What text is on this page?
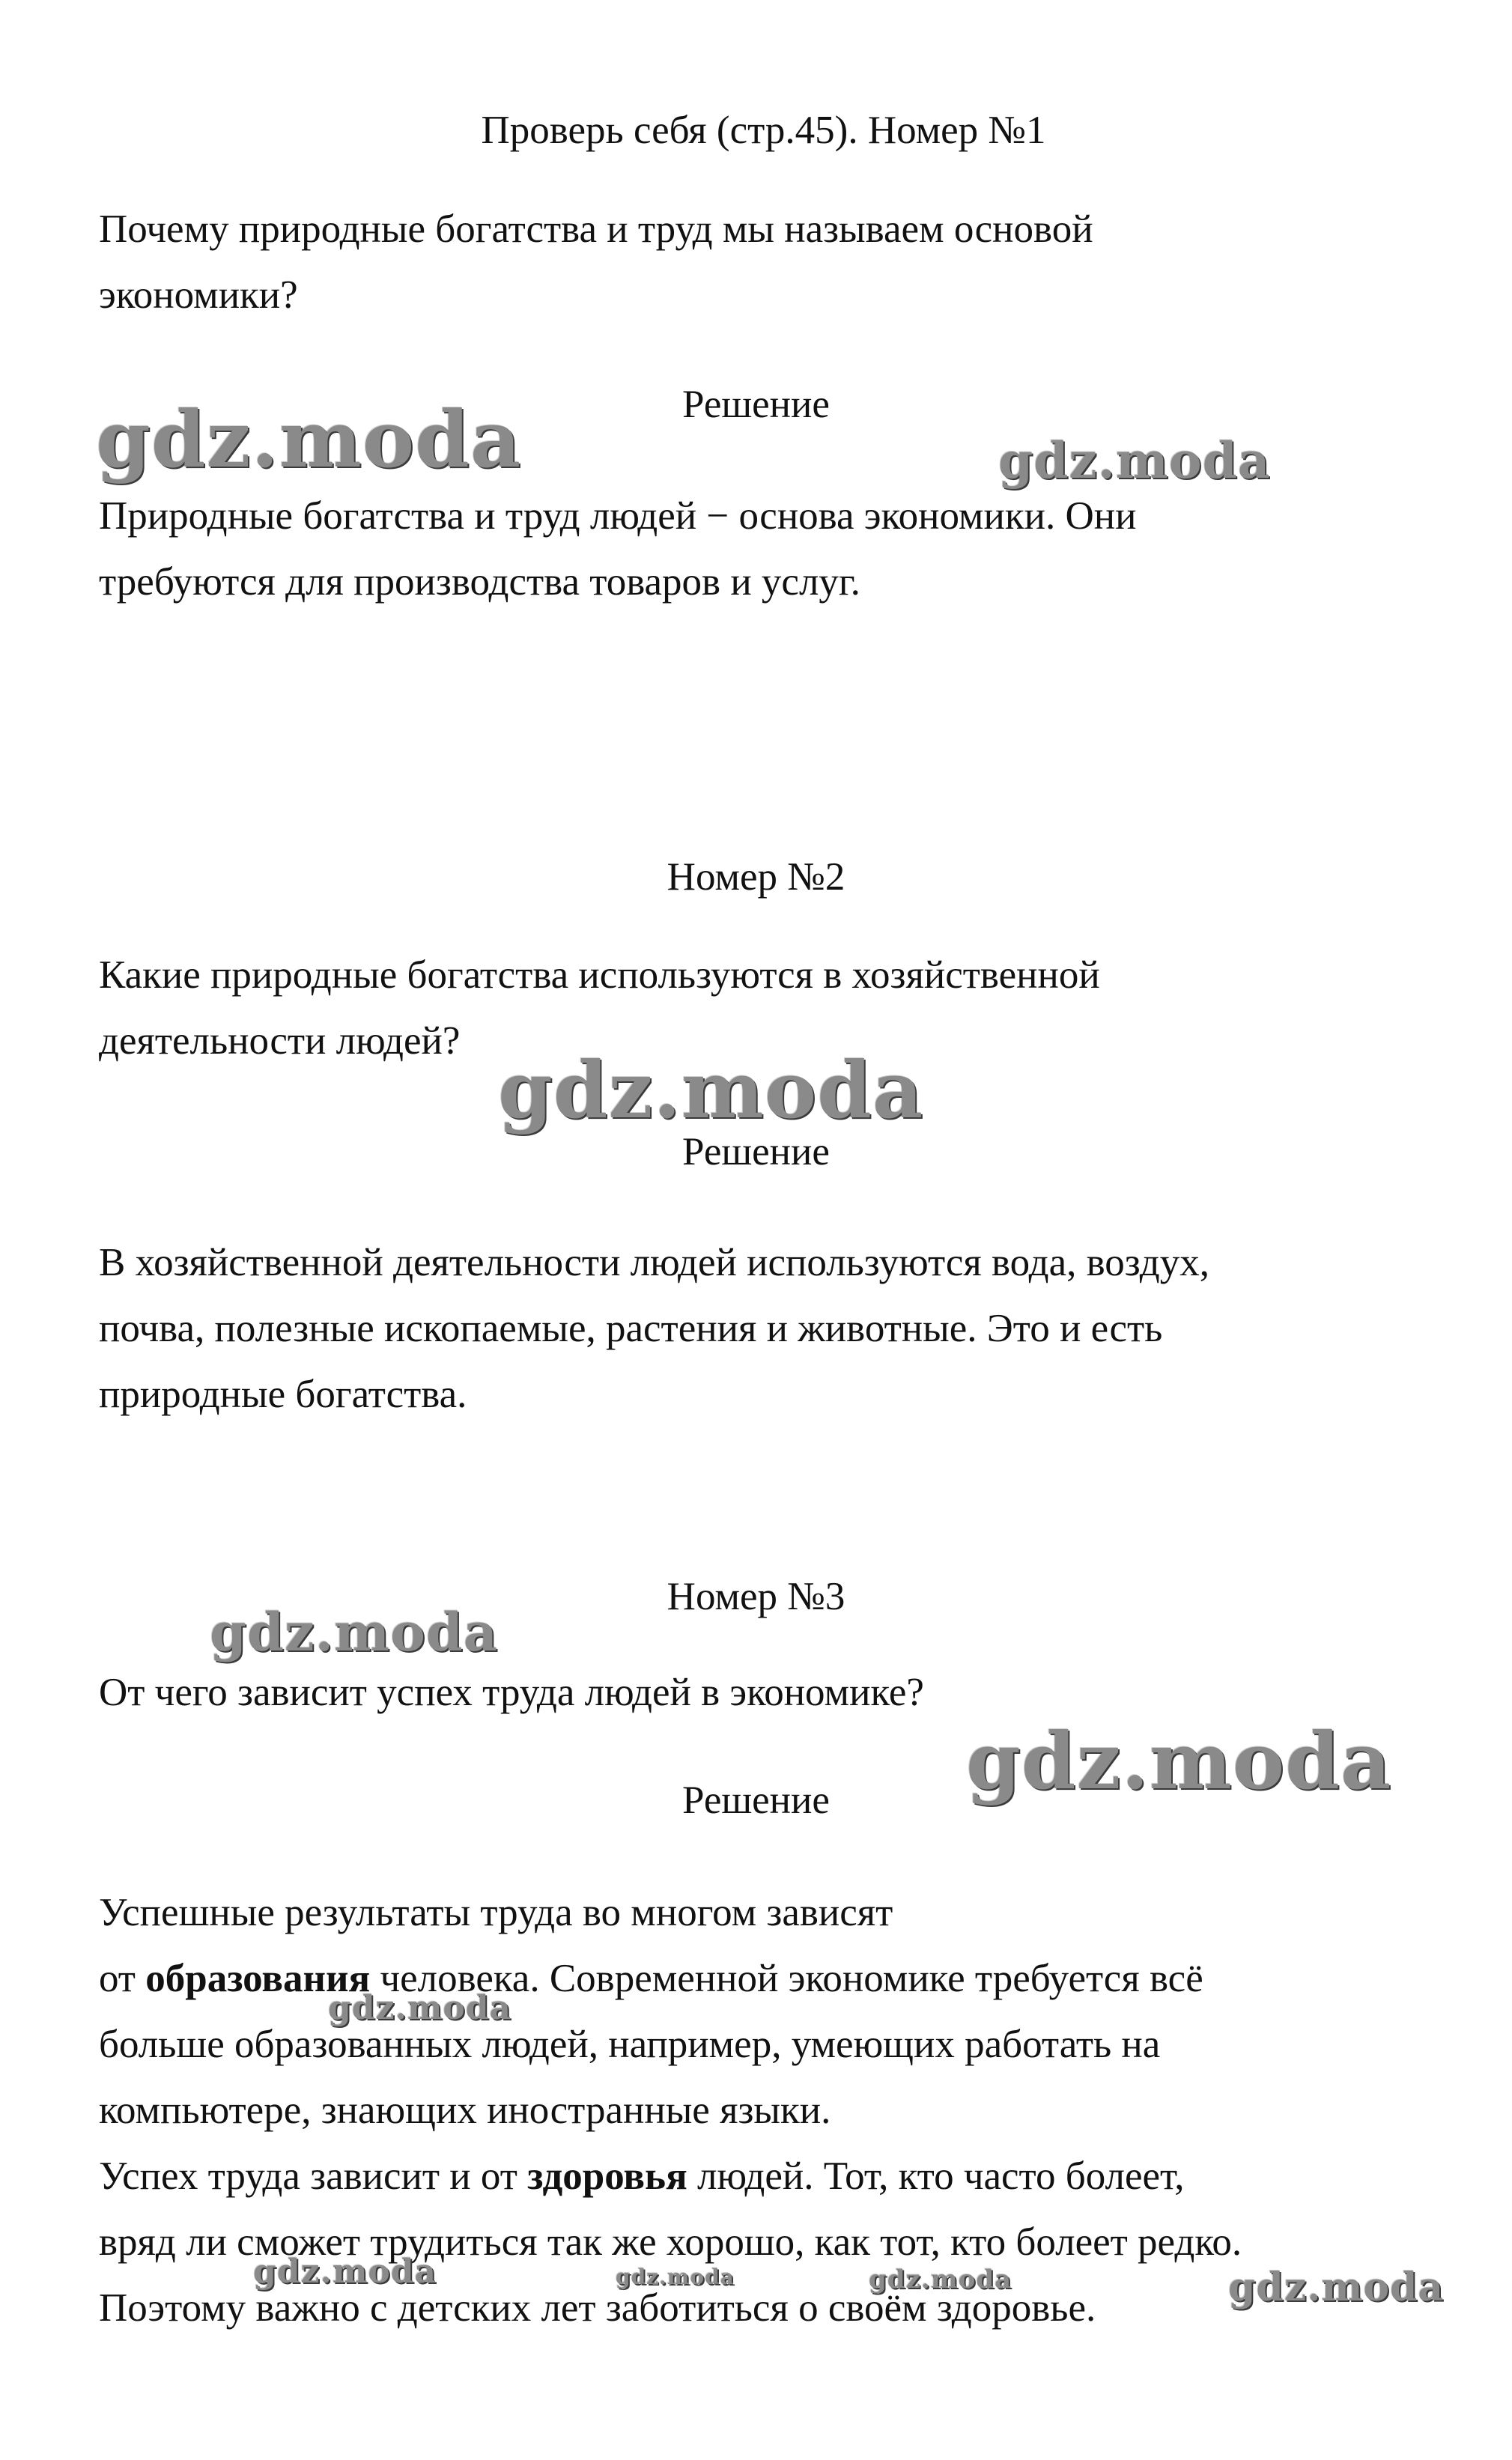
Проверь себя (стр.45). Номер №1
Почему природные богатства и труд мы называем основой
экономики?
Решение
Природные богатства и труд людей − основа экономики. Они
требуются для производства товаров и услуг.
Номер №2
Какие природные богатства используются в хозяйственной
деятельности людей?
Решение
В хозяйственной деятельности людей используются вода, воздух,
почва, полезные ископаемые, растения и животные. Это и есть
природные богатства.
Номер №3
От чего зависит успех труда людей в экономике?
Решение
Успешные результаты труда во многом зависят
от образования человека. Современной экономике требуется всё
больше образованных людей, например, умеющих работать на
компьютере, знающих иностранные языки.
Успех труда зависит и от здоровья людей. Тот, кто часто болеет,
вряд ли сможет трудиться так же хорошо, как тот, кто болеет редко.
Поэтому важно с детских лет заботиться о своём здоровье.
gdz.moda	gdz.moda
gdz.moda
gdz.moda
gdz.moda
gdz.moda
gdz.moda	gdz.moda	gdz.moda	gdz.moda
